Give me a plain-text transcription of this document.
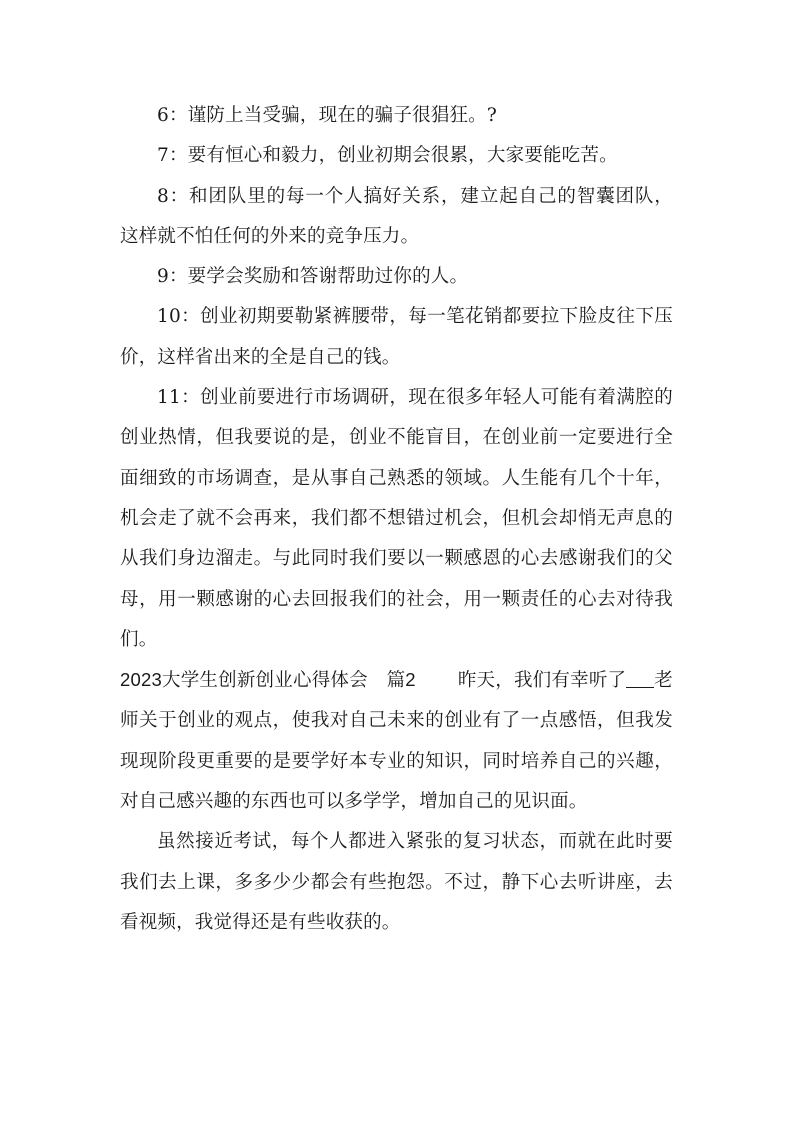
6：谨防上当受骗，现在的骗子很猖狂。?

7：要有恒心和毅力，创业初期会很累，大家要能吃苦。

8：和团队里的每一个人搞好关系，建立起自己的智囊团队，这样就不怕任何的外来的竞争压力。

9：要学会奖励和答谢帮助过你的人。

10：创业初期要勒紧裤腰带，每一笔花销都要拉下脸皮往下压价，这样省出来的全是自己的钱。

11：创业前要进行市场调研，现在很多年轻人可能有着满腔的创业热情，但我要说的是，创业不能盲目，在创业前一定要进行全面细致的市场调查，是从事自己熟悉的领域。人生能有几个十年，机会走了就不会再来，我们都不想错过机会，但机会却悄无声息的从我们身边溜走。与此同时我们要以一颗感恩的心去感谢我们的父母，用一颗感谢的心去回报我们的社会，用一颗责任的心去对待我们。

2023大学生创新创业心得体会　篇2 昨天，我们有幸听了 老师关于创业的观点，使我对自己未来的创业有了一点感悟，但我发现现阶段更重要的是要学好本专业的知识，同时培养自己的兴趣，对自己感兴趣的东西也可以多学学，增加自己的见识面。

虽然接近考试，每个人都进入紧张的复习状态，而就在此时要我们去上课，多多少少都会有些抱怨。不过，静下心去听讲座，去看视频，我觉得还是有些收获的。
